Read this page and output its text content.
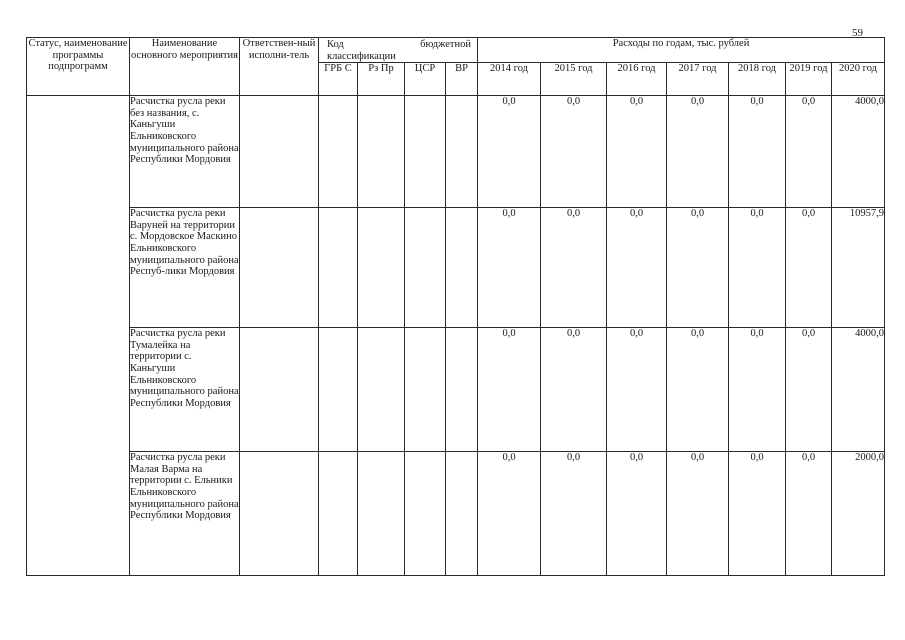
59
Статус, наименование программы подпрограмм	Наименование основного мероприятия	Ответствен-ный исполни-тель	Код бюджетной
классификации				Расходы по годам, тыс. рублей						
			ГРБ С	Рз Пр	ЦСР	ВР	2014 год	2015 год	2016 год	2017 год	2018 год	2019 год	2020 год
	Расчистка русла реки без названия, с. Каньгуши Ельниковского муниципального района Республики Мордовия						0,0	0,0	0,0	0,0	0,0	0,0	4000,0
	Расчистка русла реки Варуней на территории с. Мордовское Маскино Ельниковского муниципального района Респуб-лики Мордовия						0,0	0,0	0,0	0,0	0,0	0,0	10957,9
	Расчистка русла реки Тумалейка на территории с. Каньгуши Ельниковского муниципального района Республики Мордовия						0,0	0,0	0,0	0,0	0,0	0,0	4000,0
	Расчистка русла реки Малая Варма на территории с. Ельники Ельниковского муниципального района Республики Мордовия						0,0	0,0	0,0	0,0	0,0	0,0	2000,0
